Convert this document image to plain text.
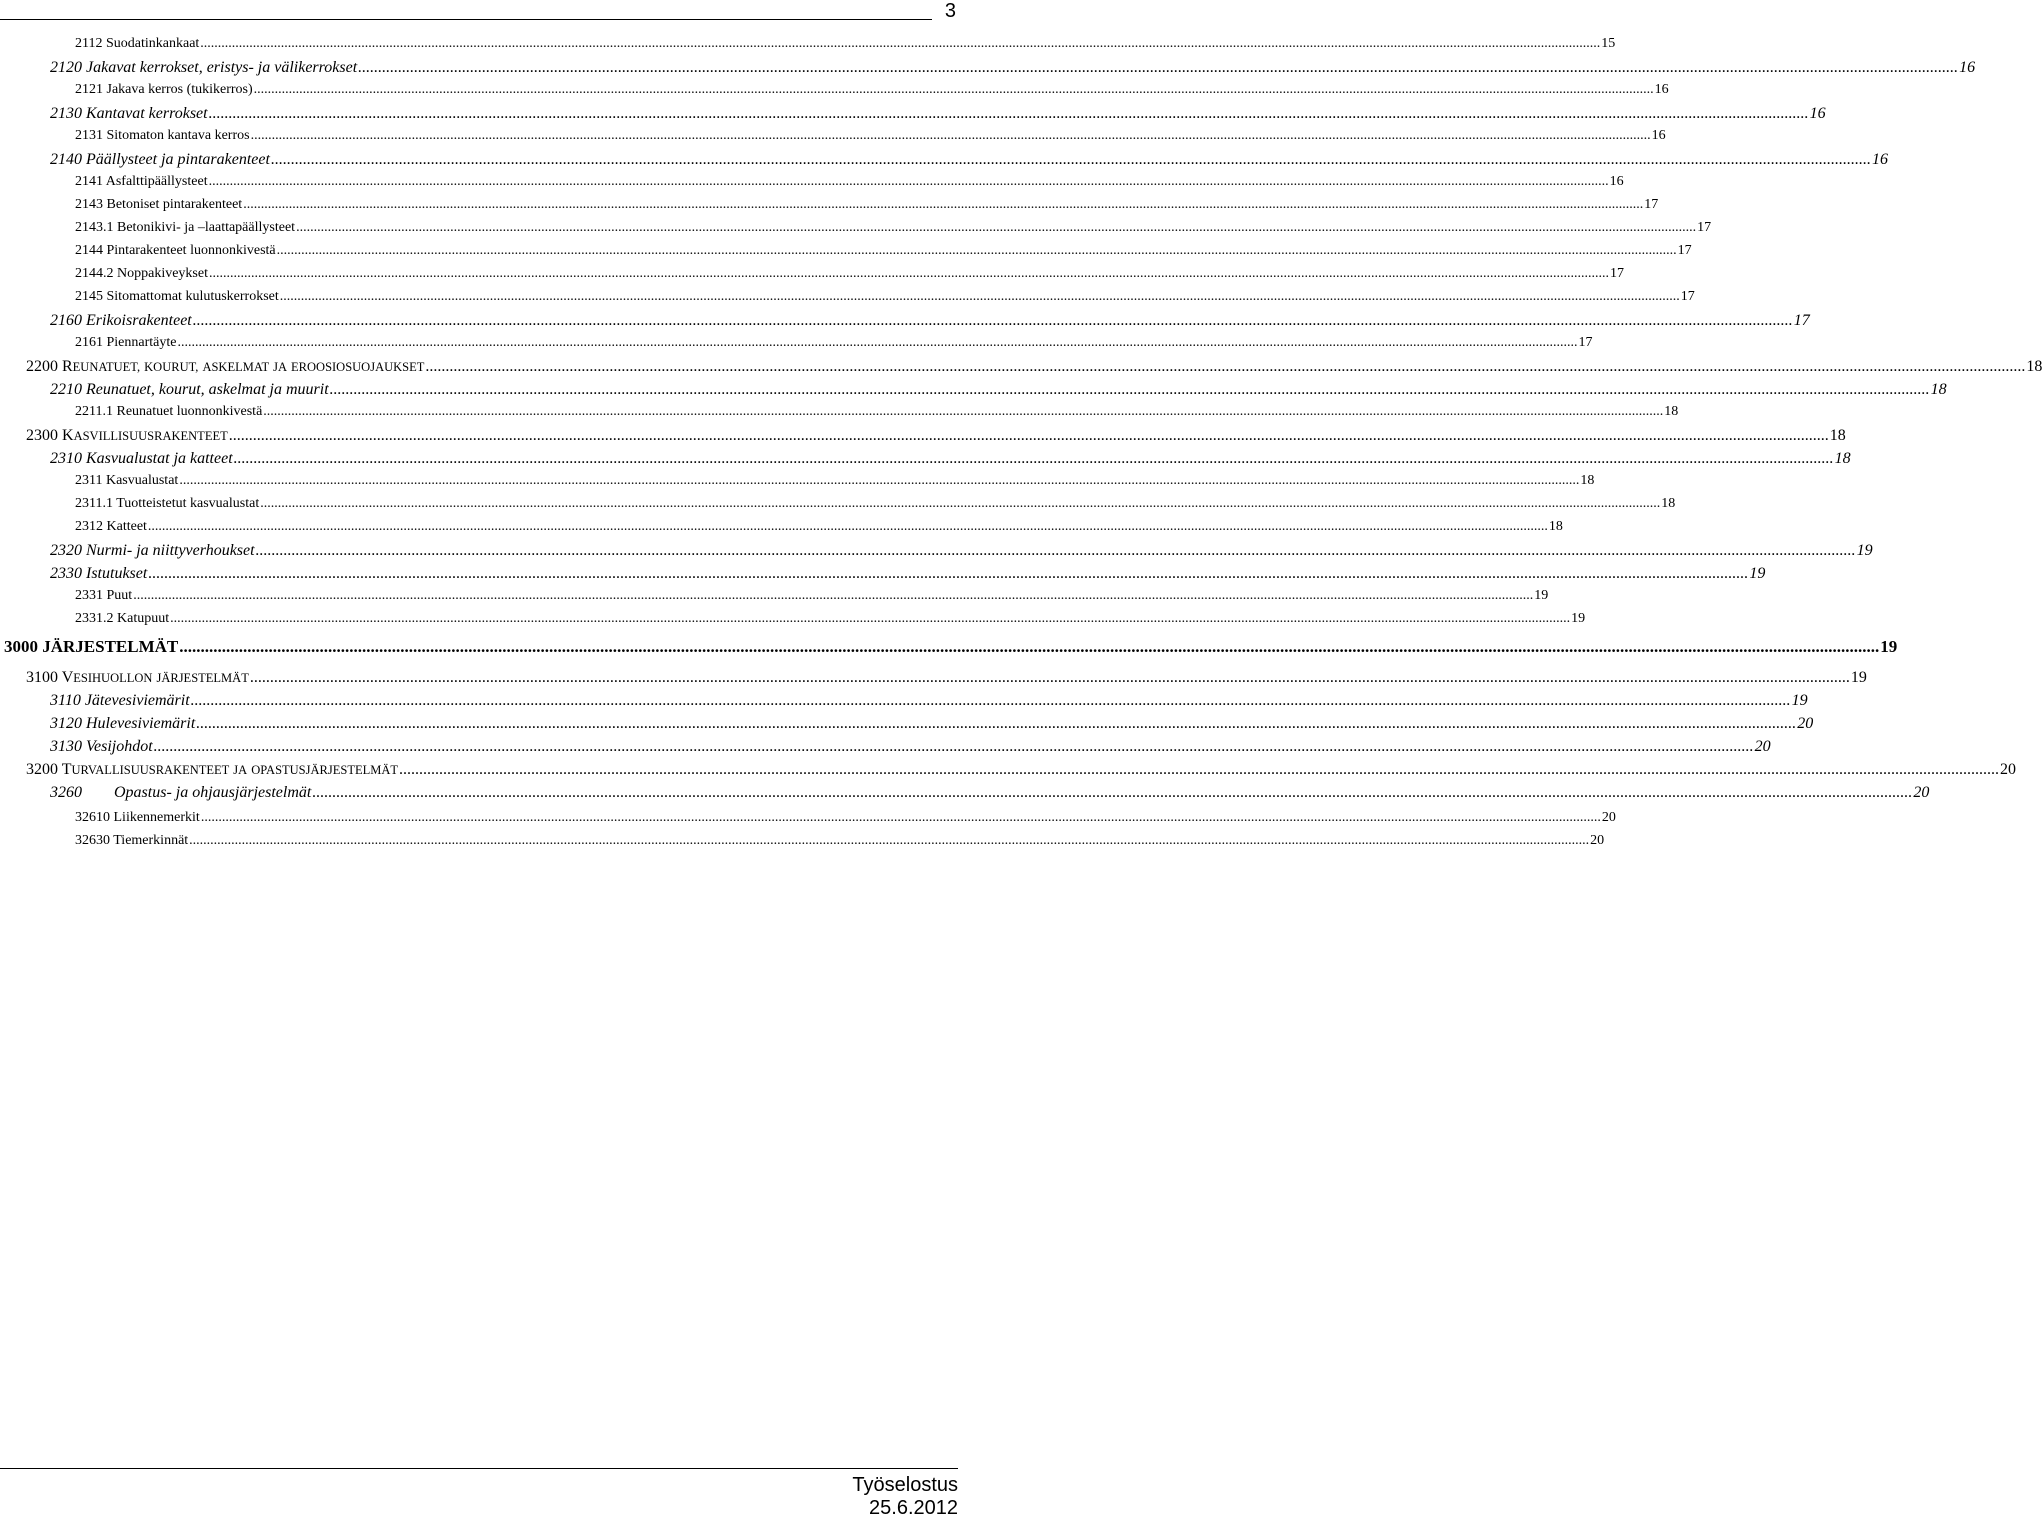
3
2112 Suodatinkankaat ................................................................................................................................................................................................................................................................................................................................................................................................................ 15
2120 Jakavat kerrokset, eristys- ja välikerrokset ................................................................................................................................................................................................................................................................................................................................................................................................................ 16
2121 Jakava kerros (tukikerros) ................................................................................................................................................................................................................................................................................................................................................................................................................ 16
2130 Kantavat kerrokset ................................................................................................................................................................................................................................................................................................................................................................................................................ 16
2131 Sitomaton kantava kerros ................................................................................................................................................................................................................................................................................................................................................................................................................ 16
2140 Päällysteet ja pintarakenteet ................................................................................................................................................................................................................................................................................................................................................................................................................ 16
2141 Asfalttipäällysteet ................................................................................................................................................................................................................................................................................................................................................................................................................ 16
2143 Betoniset pintarakenteet ................................................................................................................................................................................................................................................................................................................................................................................................................ 17
2143.1 Betonikivi- ja –laattapäällysteet ................................................................................................................................................................................................................................................................................................................................................................................................................ 17
2144 Pintarakenteet luonnonkivestä ................................................................................................................................................................................................................................................................................................................................................................................................................ 17
2144.2 Noppakiveykset ................................................................................................................................................................................................................................................................................................................................................................................................................ 17
2145 Sitomattomat kulutuskerrokset ................................................................................................................................................................................................................................................................................................................................................................................................................ 17
2160 Erikoisrakenteet ................................................................................................................................................................................................................................................................................................................................................................................................................ 17
2161 Piennartäyte ................................................................................................................................................................................................................................................................................................................................................................................................................ 17
2200 REUNATUET, KOURUT, ASKELMAT JA EROOSIOSUOJAUKSET ................................................................................................................................................................................................................................................................................................................................................................................................................ 18
2210 Reunatuet, kourut, askelmat ja muurit ................................................................................................................................................................................................................................................................................................................................................................................................................ 18
2211.1 Reunatuet luonnonkivestä ................................................................................................................................................................................................................................................................................................................................................................................................................ 18
2300 KASVILLISUUSRAKENTEET ................................................................................................................................................................................................................................................................................................................................................................................................................ 18
2310 Kasvualustat ja katteet ................................................................................................................................................................................................................................................................................................................................................................................................................ 18
2311 Kasvualustat ................................................................................................................................................................................................................................................................................................................................................................................................................ 18
2311.1 Tuotteistetut kasvualustat ................................................................................................................................................................................................................................................................................................................................................................................................................ 18
2312 Katteet ................................................................................................................................................................................................................................................................................................................................................................................................................ 18
2320 Nurmi- ja niittyverhoukset ................................................................................................................................................................................................................................................................................................................................................................................................................ 19
2330 Istutukset ................................................................................................................................................................................................................................................................................................................................................................................................................ 19
2331 Puut ................................................................................................................................................................................................................................................................................................................................................................................................................ 19
2331.2 Katupuut ................................................................................................................................................................................................................................................................................................................................................................................................................ 19
3000 JÄRJESTELMÄT ................................................................................................................................................................................................................................................................................................................................................................................................................ 19
3100 VESIHUOLLON JÄRJESTELMÄT ................................................................................................................................................................................................................................................................................................................................................................................................................ 19
3110 Jätevesiviemärit ................................................................................................................................................................................................................................................................................................................................................................................................................ 19
3120 Hulevesiviemärit ................................................................................................................................................................................................................................................................................................................................................................................................................ 20
3130 Vesijohdot ................................................................................................................................................................................................................................................................................................................................................................................................................ 20
3200 TURVALLISUUSRAKENTEET JA OPASTUSJÄRJESTELMÄT ................................................................................................................................................................................................................................................................................................................................................................................................................ 20
3260        Opastus- ja ohjausjärjestelmät ................................................................................................................................................................................................................................................................................................................................................................................................................ 20
32610 Liikennemerkit ................................................................................................................................................................................................................................................................................................................................................................................................................ 20
32630 Tiemerkinnät ................................................................................................................................................................................................................................................................................................................................................................................................................ 20
Työselostus
25.6.2012
